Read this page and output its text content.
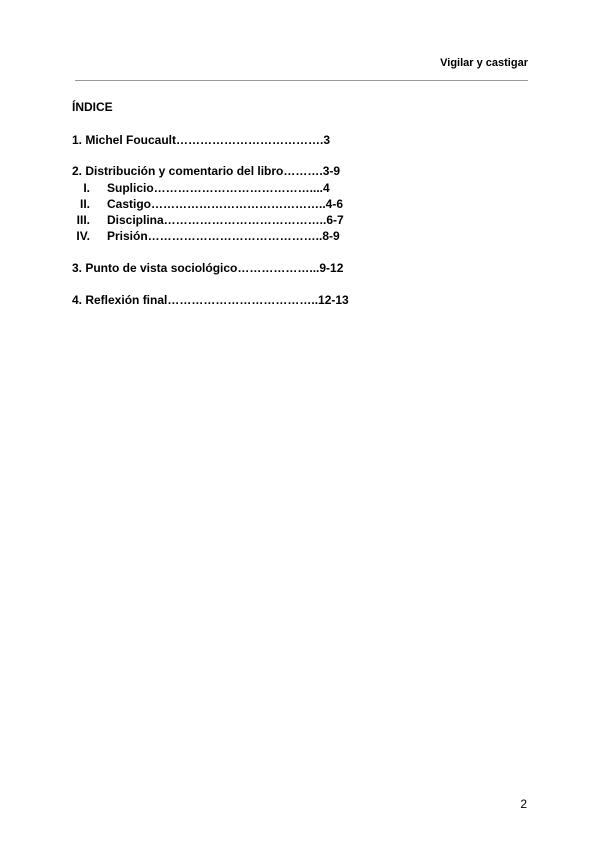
Vigilar y castigar
ÍNDICE
1. Michel Foucault……………………………….3
2. Distribución y comentario del libro……….3-9
I. Suplicio…………………………………....4
II. Castigo……………………………………..4-6
III. Disciplina…………………………………..6-7
IV. Prisión……………………………………..8-9
3. Punto de vista sociológico………………...9-12
4. Reflexión final………………………………..12-13
2
